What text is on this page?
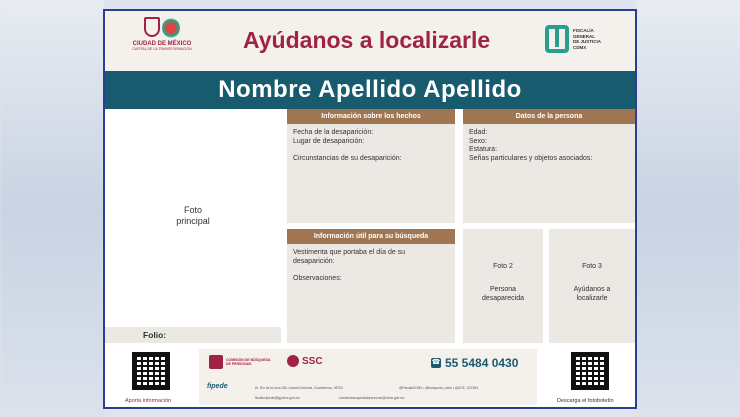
CIUDAD DE MÉXICO
CAPITAL DE LA TRANSFORMACIÓN Ayúdanos a localizarle	FISCALÍA
GENERAL
DE JUSTICIA
CDMX
Nombre Apellido Apellido
Foto
principal
Folio:
Información sobre los hechos
Fecha de la desaparición:
Lugar de desaparición:
Circunstancias de su desaparición:
Datos de la persona
Edad:
Sexo:
Estatura:
Señas particulares y objetos asociados:
Información útil para su búsqueda
Vestimenta que portaba el día de su
desaparición:
Observaciones:
Foto 2
Persona
desaparecida
Foto 3
Ayúdanos a
localizarle
Aporta información
COMISIÓN DE BÚSQUEDA
DE PERSONAS	SSC	☎ 55 5484 0430
fipede	Dr. Río de la Loza 156, colonia Doctores, Cuauhtémoc, 06720	@FiscaliaCDMX • @busqueda_cdmx • @UCE_GCDMX
fiscalia.fipede@fgjcdmx.gob.mx	comisionbusquedadepersonas@cdmx.gob.mx	Descarga el fotoboletín
